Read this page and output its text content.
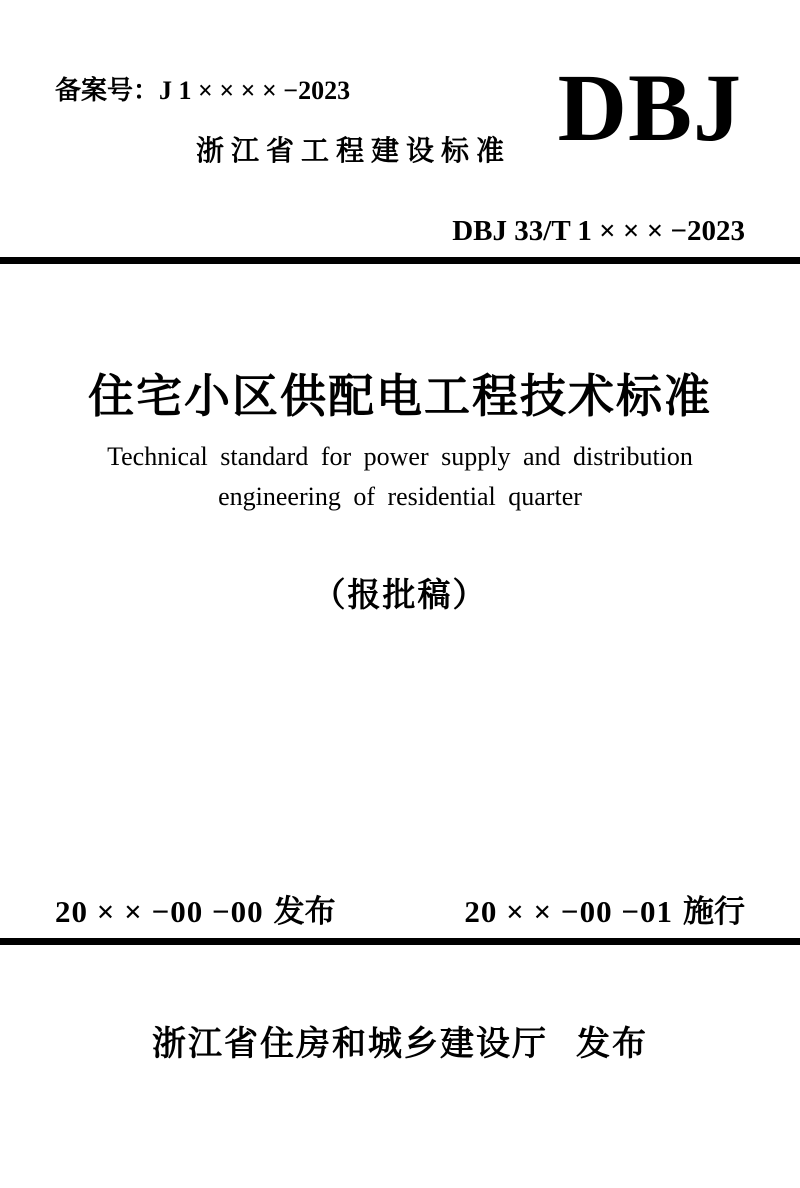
备案号：J 1 × × × × −2023
浙江省工程建设标准 DBJ
DBJ 33/T 1 × × × −2023
住宅小区供配电工程技术标准
Technical standard for power supply and distribution
engineering of residential quarter
（报批稿）
20 × × −00 −00 发布	20 × × −00 −01 施行
浙江省住房和城乡建设厅 发布
